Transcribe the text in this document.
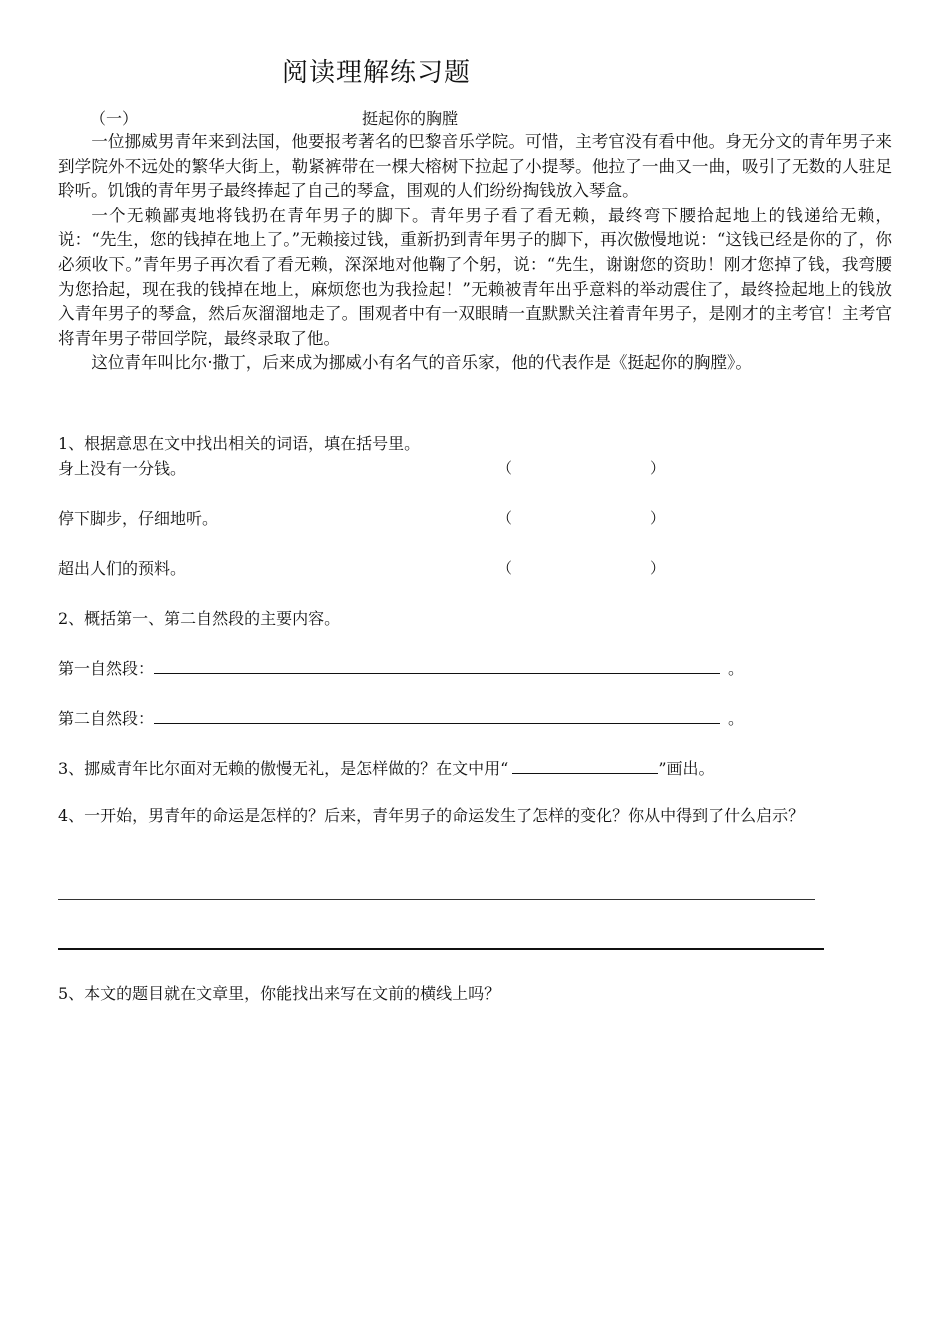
阅读理解练习题
（一）	挺起你的胸膛

一位挪威男青年来到法国，他要报考著名的巴黎音乐学院。可惜，主考官没有看中他。身无分文的青年男子来到学院外不远处的繁华大街上，勒紧裤带在一棵大榕树下拉起了小提琴。他拉了一曲又一曲，吸引了无数的人驻足聆听。饥饿的青年男子最终捧起了自己的琴盒，围观的人们纷纷掏钱放入琴盒。

一个无赖鄙夷地将钱扔在青年男子的脚下。青年男子看了看无赖，最终弯下腰拾起地上的钱递给无赖，说：“先生，您的钱掉在地上了。”无赖接过钱，重新扔到青年男子的脚下，再次傲慢地说：“这钱已经是你的了，你必须收下。”青年男子再次看了看无赖，深深地对他鞠了个躬，说：“先生，谢谢您的资助！刚才您掉了钱，我弯腰为您拾起，现在我的钱掉在地上，麻烦您也为我捡起！”无赖被青年出乎意料的举动震住了，最终捡起地上的钱放入青年男子的琴盒，然后灰溜溜地走了。围观者中有一双眼睛一直默默关注着青年男子，是刚才的主考官！主考官将青年男子带回学院，最终录取了他。

这位青年叫比尔·撒丁，后来成为挪威小有名气的音乐家，他的代表作是《挺起你的胸膛》。

1、根据意思在文中找出相关的词语，填在括号里。
身上没有一分钱。	（	）
停下脚步，仔细地听。	（	）
超出人们的预料。	（	）
2、概括第一、第二自然段的主要内容。
第一自然段：	。
第二自然段：	。
3、挪威青年比尔面对无赖的傲慢无礼，是怎样做的？在文中用“	”画出。
4、一开始，男青年的命运是怎样的？后来，青年男子的命运发生了怎样的变化？你从中得到了什么启示？
5、本文的题目就在文章里，你能找出来写在文前的横线上吗？
